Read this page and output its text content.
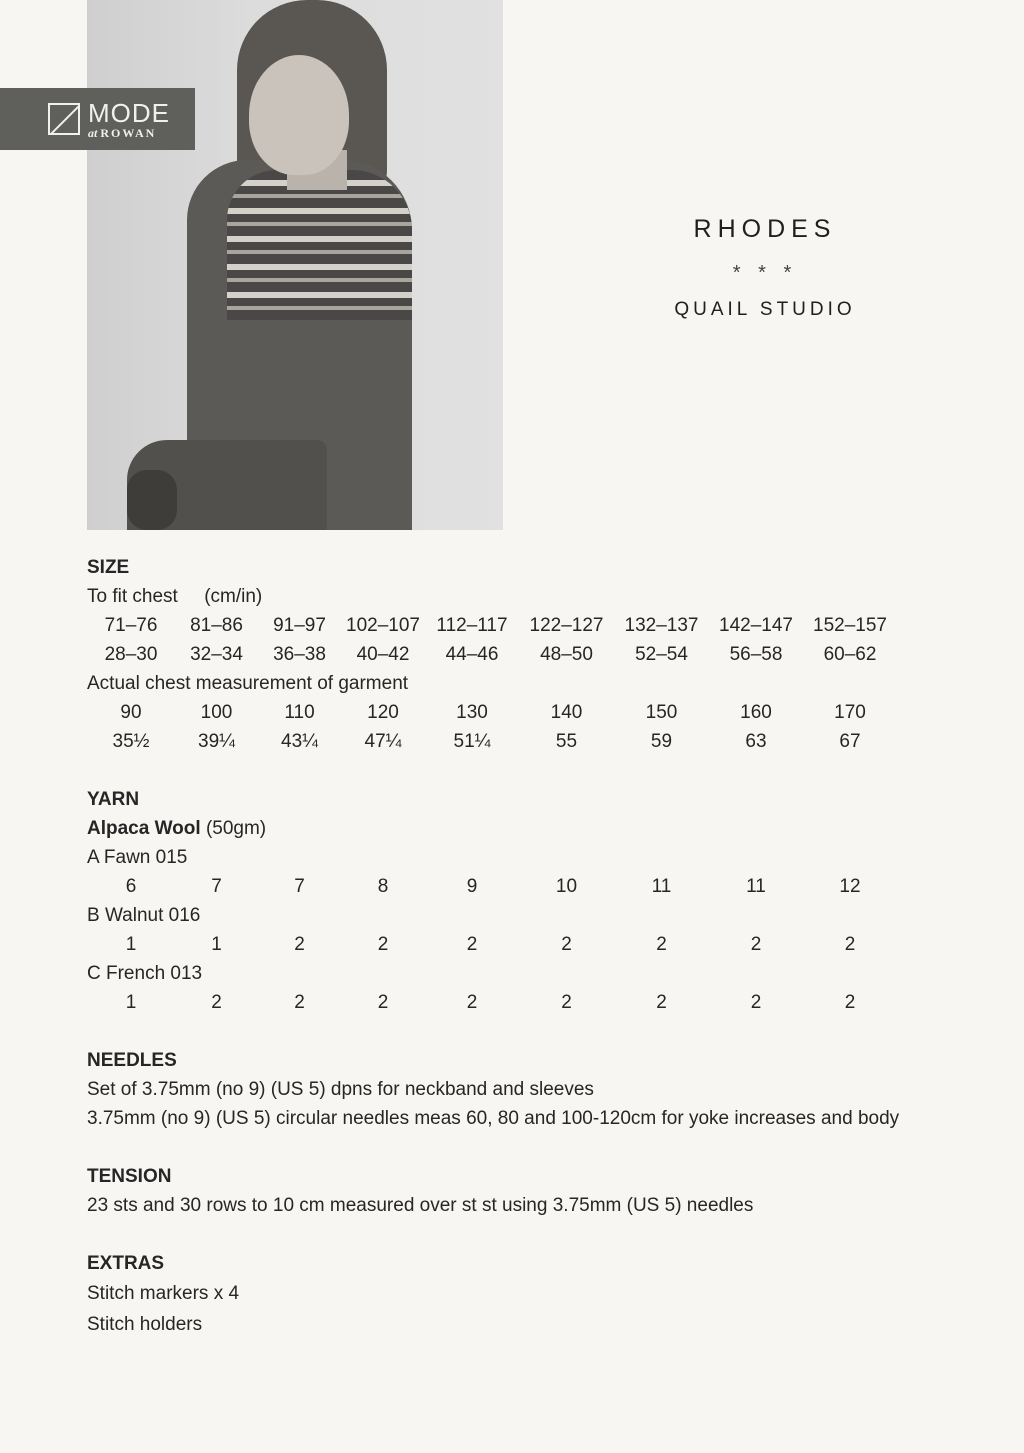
MODE
at ROWAN
RHODES
* * *
QUAIL STUDIO
SIZE
To fit chest     (cm/in)
71–76	81–86	91–97	102–107 112–117	122–127	132–137	142–147	152–157
28–30	32–34	36–38	40–42	44–46	48–50	52–54	56–58	60–62
Actual chest measurement of garment
90	100	110	120	130	140	150	160	170
35½	39¼	43¼	47¼	51¼	55	59	63	67
YARN
Alpaca Wool (50gm)
A Fawn 015
6	7	7	8	9	10	11	11	12
B Walnut 016
1	1	2	2	2	2	2	2	2
C French 013
1	2	2	2	2	2	2	2	2
NEEDLES
Set of 3.75mm (no 9) (US 5) dpns for neckband and sleeves
3.75mm (no 9) (US 5) circular needles meas 60, 80 and 100-120cm for yoke increases and body
TENSION
23 sts and 30 rows to 10 cm measured over st st using 3.75mm (US 5) needles
EXTRAS
Stitch markers x 4
Stitch holders
